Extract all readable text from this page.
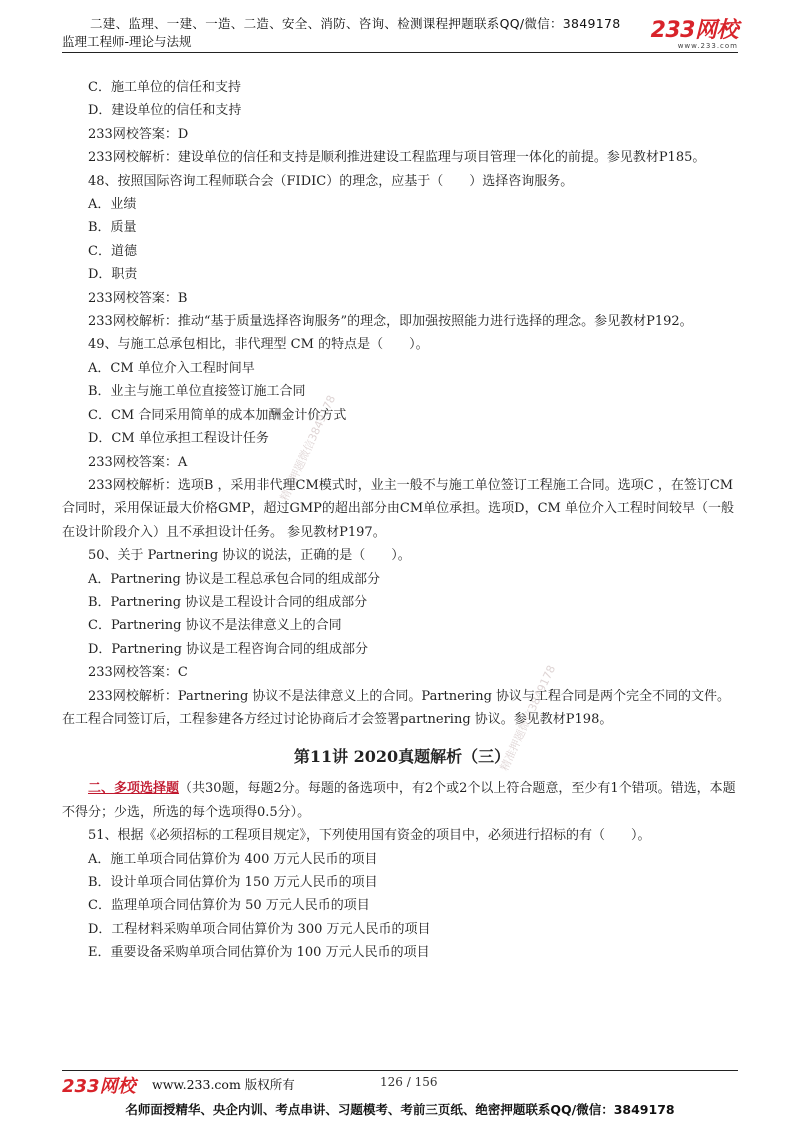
二建、监理、一建、一造、二造、安全、消防、咨询、检测课程押题联系QQ/微信：3849178
监理工程师-理论与法规	233网校
www.233.com
精准押题微信3849178
精准押题微信3849178

C．施工单位的信任和支持

D．建设单位的信任和支持

233网校答案：D

233网校解析：建设单位的信任和支持是顺利推进建设工程监理与项目管理一体化的前提。参见教材P185。

48、按照国际咨询工程师联合会（FIDIC）的理念，应基于（　　）选择咨询服务。

A．业绩

B．质量

C．道德

D．职责

233网校答案：B

233网校解析：推动“基于质量选择咨询服务”的理念，即加强按照能力进行选择的理念。参见教材P192。

49、与施工总承包相比，非代理型 CM 的特点是（　　）。

A．CM 单位介入工程时间早

B．业主与施工单位直接签订施工合同

C．CM 合同采用简单的成本加酬金计价方式

D．CM 单位承担工程设计任务

233网校答案：A

233网校解析：选项B ，采用非代理CM模式时，业主一般不与施工单位签订工程施工合同。选项C ，在签订CM合同时，采用保证最大价格GMP，超过GMP的超出部分由CM单位承担。选项D，CM 单位介入工程时间较早（一般在设计阶段介入）且不承担设计任务。 参见教材P197。

50、关于 Partnering 协议的说法，正确的是（　　）。

A．Partnering 协议是工程总承包合同的组成部分

B．Partnering 协议是工程设计合同的组成部分

C．Partnering 协议不是法律意义上的合同

D．Partnering 协议是工程咨询合同的组成部分

233网校答案：C

233网校解析：Partnering 协议不是法律意义上的合同。Partnering 协议与工程合同是两个完全不同的文件。在工程合同签订后，工程参建各方经过讨论协商后才会签署partnering 协议。参见教材P198。

第11讲 2020真题解析（三）

二、多项选择题（共30题，每题2分。每题的备选项中，有2个或2个以上符合题意，至少有1个错项。错选，本题不得分；少选，所选的每个选项得0.5分）。

51、根据《必须招标的工程项目规定》，下列使用国有资金的项目中，必须进行招标的有（　　）。

A．施工单项合同估算价为 400 万元人民币的项目

B．设计单项合同估算价为 150 万元人民币的项目

C．监理单项合同估算价为 50 万元人民币的项目

D．工程材料采购单项合同估算价为 300 万元人民币的项目

E．重要设备采购单项合同估算价为 100 万元人民币的项目

233网校 www.233.com 版权所有	126 / 156
名师面授精华、央企内训、考点串讲、习题模考、考前三页纸、绝密押题联系QQ/微信：3849178
